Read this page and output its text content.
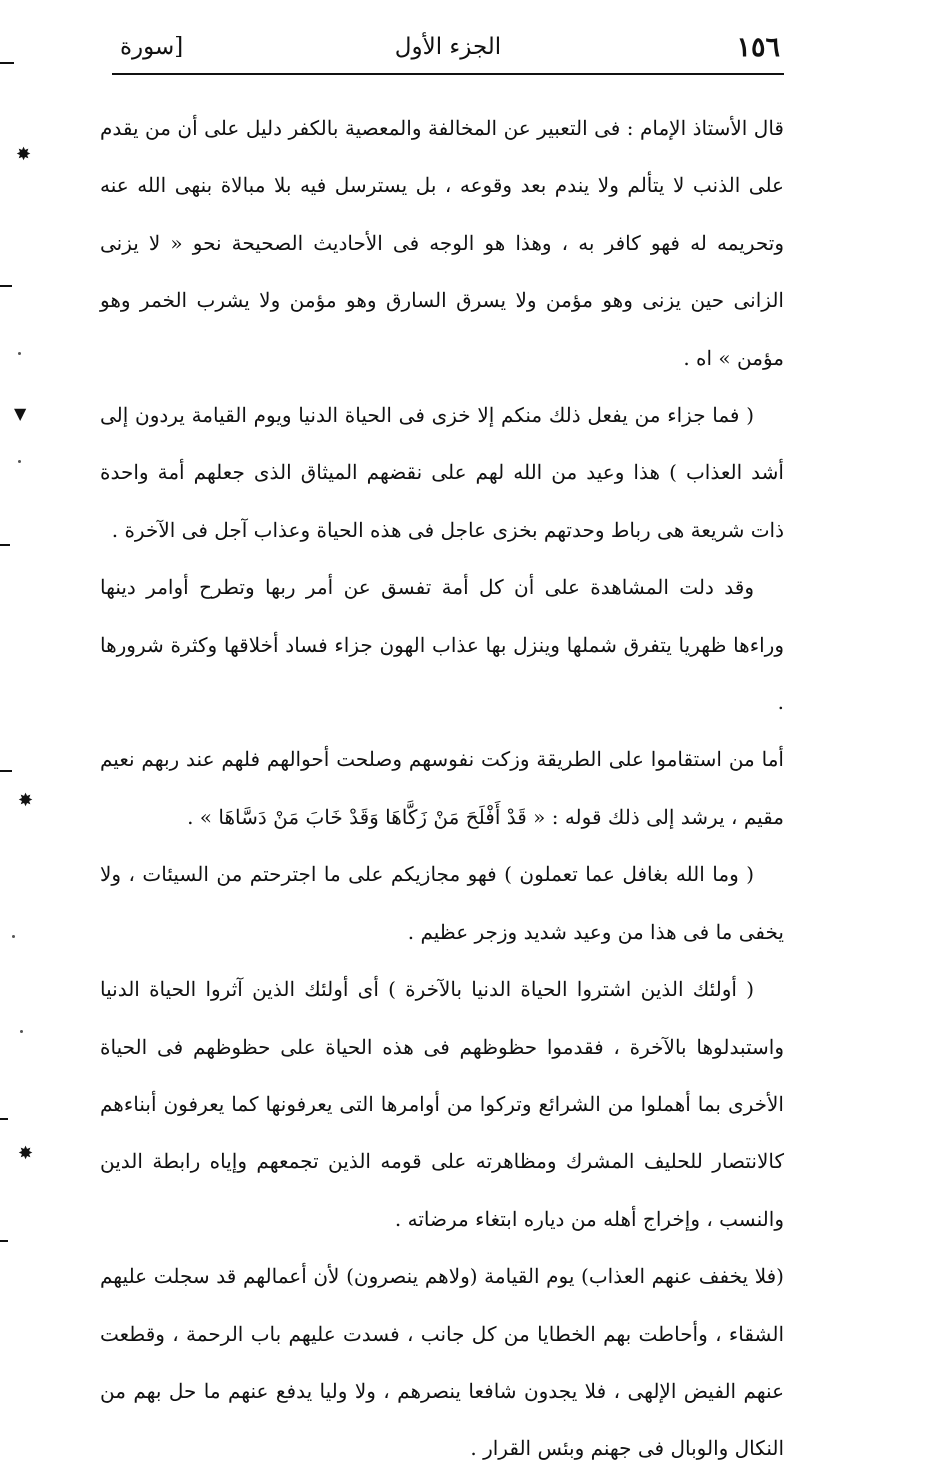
١٥٦
الجزء الأول
[سورة

قال الأستاذ الإمام : فى التعبير عن المخالفة والمعصية بالكفر دليل على أن من يقدم على الذنب لا يتألم ولا يندم بعد وقوعه ، بل يسترسل فيه بلا مبالاة بنهى الله عنه وتحريمه له فهو كافر به ، وهذا هو الوجه فى الأحاديث الصحيحة نحو « لا يزنى الزانى حين يزنى وهو مؤمن ولا يسرق السارق وهو مؤمن ولا يشرب الخمر وهو مؤمن » اه .

( فما جزاء من يفعل ذلك منكم إلا خزى فى الحياة الدنيا ويوم القيامة يردون إلى أشد العذاب ) هذا وعيد من الله لهم على نقضهم الميثاق الذى جعلهم أمة واحدة ذات شريعة هى رباط وحدتهم بخزى عاجل فى هذه الحياة وعذاب آجل فى الآخرة .

وقد دلت المشاهدة على أن كل أمة تفسق عن أمر ربها وتطرح أوامر دينها وراءها ظهريا يتفرق شملها وينزل بها عذاب الهون جزاء فساد أخلاقها وكثرة شرورها .

أما من استقاموا على الطريقة وزكت نفوسهم وصلحت أحوالهم فلهم عند ربهم نعيم مقيم ، يرشد إلى ذلك قوله : « قَدْ أَفْلَحَ مَنْ زَكَّاهَا وَقَدْ خَابَ مَنْ دَسَّاهَا » .

( وما الله بغافل عما تعملون ) فهو مجازيكم على ما اجترحتم من السيئات ، ولا يخفى ما فى هذا من وعيد شديد وزجر عظيم .

( أولئك الذين اشتروا الحياة الدنيا بالآخرة ) أى أولئك الذين آثروا الحياة الدنيا واستبدلوها بالآخرة ، فقدموا حظوظهم فى هذه الحياة على حظوظهم فى الحياة الأخرى بما أهملوا من الشرائع وتركوا من أوامرها التى يعرفونها كما يعرفون أبناءهم كالانتصار للحليف المشرك ومظاهرته على قومه الذين تجمعهم وإياه رابطة الدين والنسب ، وإخراج أهله من دياره ابتغاء مرضاته .

(فلا يخفف عنهم العذاب) يوم القيامة (ولاهم ينصرون) لأن أعمالهم قد سجلت عليهم الشقاء ، وأحاطت بهم الخطايا من كل جانب ، فسدت عليهم باب الرحمة ، وقطعت عنهم الفيض الإلهى ، فلا يجدون شافعا ينصرهم ، ولا وليا يدفع عنهم ما حل بهم من النكال والوبال فى جهنم وبئس القرار .

✸
▼
✸
✸
